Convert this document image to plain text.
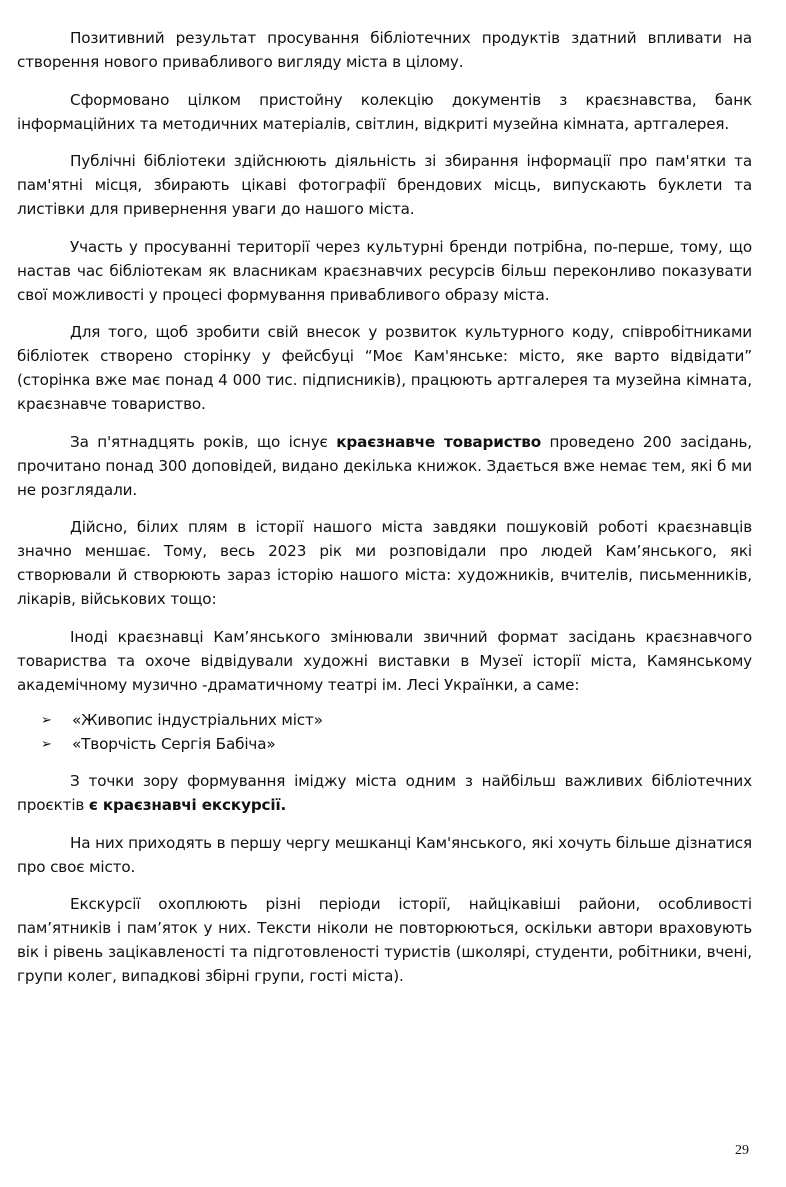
Позитивний результат просування бібліотечних продуктів здатний впливати на створення нового привабливого вигляду міста в цілому.

Сформовано цілком пристойну колекцію документів з краєзнавства, банк інформаційних та методичних матеріалів, світлин, відкриті музейна кімната, артгалерея.

Публічні бібліотеки здійснюють діяльність зі збирання інформації про пам'ятки та пам'ятні місця, збирають цікаві фотографії брендових місць, випускають буклети та листівки для привернення уваги до нашого міста.

Участь у просуванні території через культурні бренди потрібна, по-перше, тому, що настав час бібліотекам як власникам краєзнавчих ресурсів більш переконливо показувати свої можливості у процесі формування привабливого образу міста.

Для того, щоб зробити свій внесок у розвиток культурного коду, співробітниками бібліотек створено сторінку у фейсбуці “Моє Кам'янське: місто, яке варто відвідати” (сторінка вже має понад 4 000 тис. підписників), працюють артгалерея та музейна кімната, краєзнавче товариство.

За п'ятнадцять років, що існує краєзнавче товариство проведено 200 засідань, прочитано понад 300 доповідей, видано декілька книжок. Здається вже немає тем, які б ми не розглядали.

Дійсно, білих плям в історії нашого міста завдяки пошуковій роботі краєзнавців значно меншає. Тому, весь 2023 рік ми розповідали про людей Кам’янського, які створювали й створюють зараз історію нашого міста: художників, вчителів, письменників, лікарів, військових тощо:

Іноді краєзнавці Кам’янського змінювали звичний формат засідань краєзнавчого товариства та охоче відвідували художні виставки в Музеї історії міста, Камянському академічному музично -драматичному театрі ім. Лесі Українки, а саме:

➢ «Живопис індустріальних міст»
➢ «Творчість Сергія Бабіча»

З точки зору формування іміджу міста одним з найбільш важливих бібліотечних проєктів є краєзнавчі екскурсії.

На них приходять в першу чергу мешканці Кам'янського, які хочуть більше дізнатися про своє місто.

Екскурсії охоплюють різні періоди історії, найцікавіші райони, особливості пам’ятників і пам’яток у них. Тексти ніколи не повторюються, оскільки автори враховують вік і рівень зацікавленості та підготовленості туристів (школярі, студенти, робітники, вчені, групи колег, випадкові збірні групи, гості міста).

29
